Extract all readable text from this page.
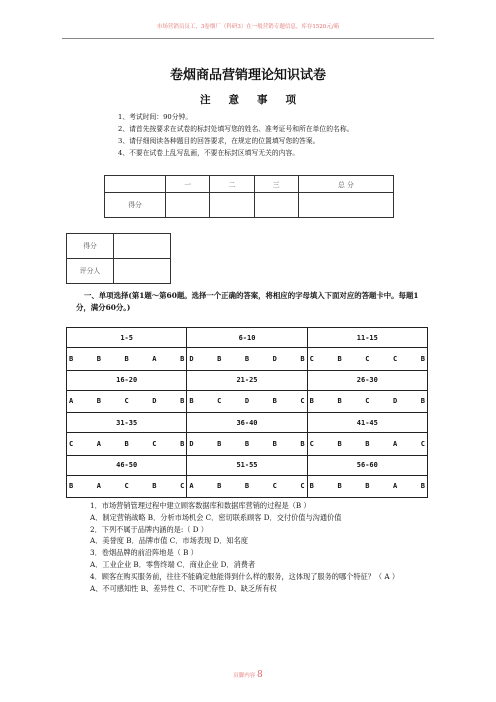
市场营销员员工，3卷烟厂（科研3）在一般营销专题信息，库存1520元/箱
卷烟商品营销理论知识试卷
注意事项
1、考试时间：90分钟。
2、请首先按要求在试卷的标封处填写您的姓名、准考证号和所在单位的名称。
3、请仔细阅读各种题目的回答要求，在规定的位置填写您的答案。
4、不要在试卷上乱写乱画，不要在标封区填写无关的内容。
	一	二	三	总 分
得分				
得分	
评分人	
一、单项选择(第1题～第60题。选择一个正确的答案，将相应的字母填入下面对应的答题卡中。每题1分，满分60分。)
1-5	6-10	11-15

B B B A B	D B B D B	C B C C B

16-20	21-25	26-30

A B C D B	B C D B C	B B C D B

31-35	36-40	41-45

C A B C B	D B B B B	C B B A C

46-50	51-55	56-60

B A C B C	A B B C C	B B B A B
1．市场营销管理过程中建立顾客数据库和数据库营销的过程是（B ）
A．制定营销战略 B．分析市场机会 C．密切联系顾客 D．交付价值与沟通价值
2．下列不属于品牌内涵的是:（ D ）
A．美誉度 B．品牌市值 C．市场表现 D．知名度
3．卷烟品牌的前沿阵地是（ B ）
A．工业企业 B．零售终端 C．商业企业 D．消费者
4．顾客在购买服务前，往往不能确定他能得到什么样的服务，这体现了服务的哪个特征？（ A ）
A、不可感知性 B、差异性 C、不可贮存性 D、缺乏所有权
页脚内容 8
